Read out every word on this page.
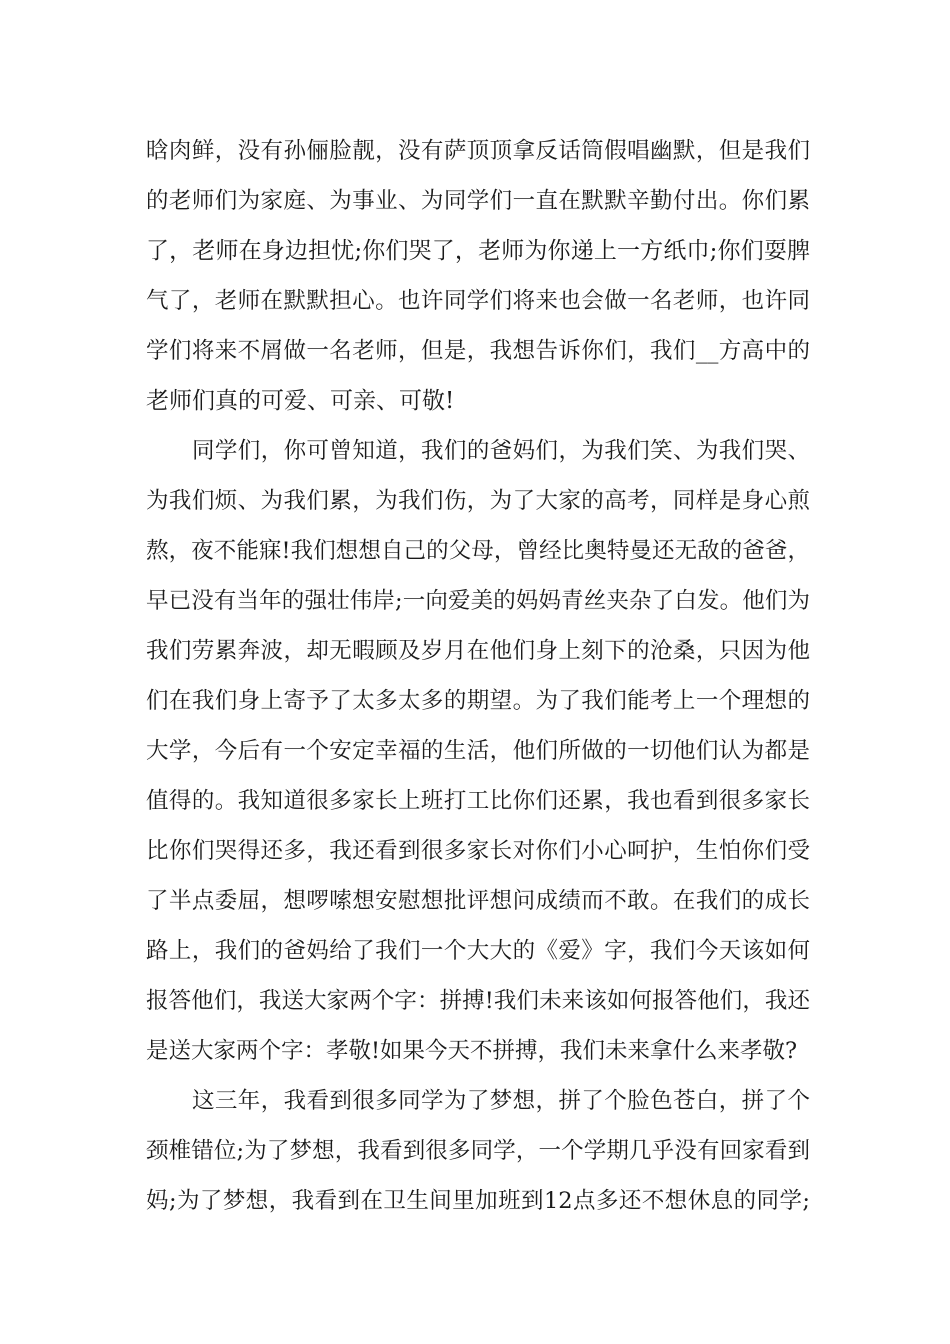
晗肉鲜，没有孙俪脸靓，没有萨顶顶拿反话筒假唱幽默，但是我们
的老师们为家庭、为事业、为同学们一直在默默辛勤付出。你们累
了，老师在身边担忧;你们哭了，老师为你递上一方纸巾;你们耍脾
气了，老师在默默担心。也许同学们将来也会做一名老师，也许同
学们将来不屑做一名老师，但是，我想告诉你们，我们__方高中的
老师们真的可爱、可亲、可敬!
同学们，你可曾知道，我们的爸妈们，为我们笑、为我们哭、
为我们烦、为我们累，为我们伤，为了大家的高考，同样是身心煎
熬，夜不能寐!我们想想自己的父母，曾经比奥特曼还无敌的爸爸，
早已没有当年的强壮伟岸;一向爱美的妈妈青丝夹杂了白发。他们为
我们劳累奔波，却无暇顾及岁月在他们身上刻下的沧桑，只因为他
们在我们身上寄予了太多太多的期望。为了我们能考上一个理想的
大学，今后有一个安定幸福的生活，他们所做的一切他们认为都是
值得的。我知道很多家长上班打工比你们还累，我也看到很多家长
比你们哭得还多，我还看到很多家长对你们小心呵护，生怕你们受
了半点委屈，想啰嗦想安慰想批评想问成绩而不敢。在我们的成长
路上，我们的爸妈给了我们一个大大的《爱》字，我们今天该如何
报答他们，我送大家两个字：拼搏!我们未来该如何报答他们，我还
是送大家两个字：孝敬!如果今天不拼搏，我们未来拿什么来孝敬?
这三年，我看到很多同学为了梦想，拼了个脸色苍白，拼了个
颈椎错位;为了梦想，我看到很多同学，一个学期几乎没有回家看到
妈;为了梦想，我看到在卫生间里加班到12点多还不想休息的同学;
